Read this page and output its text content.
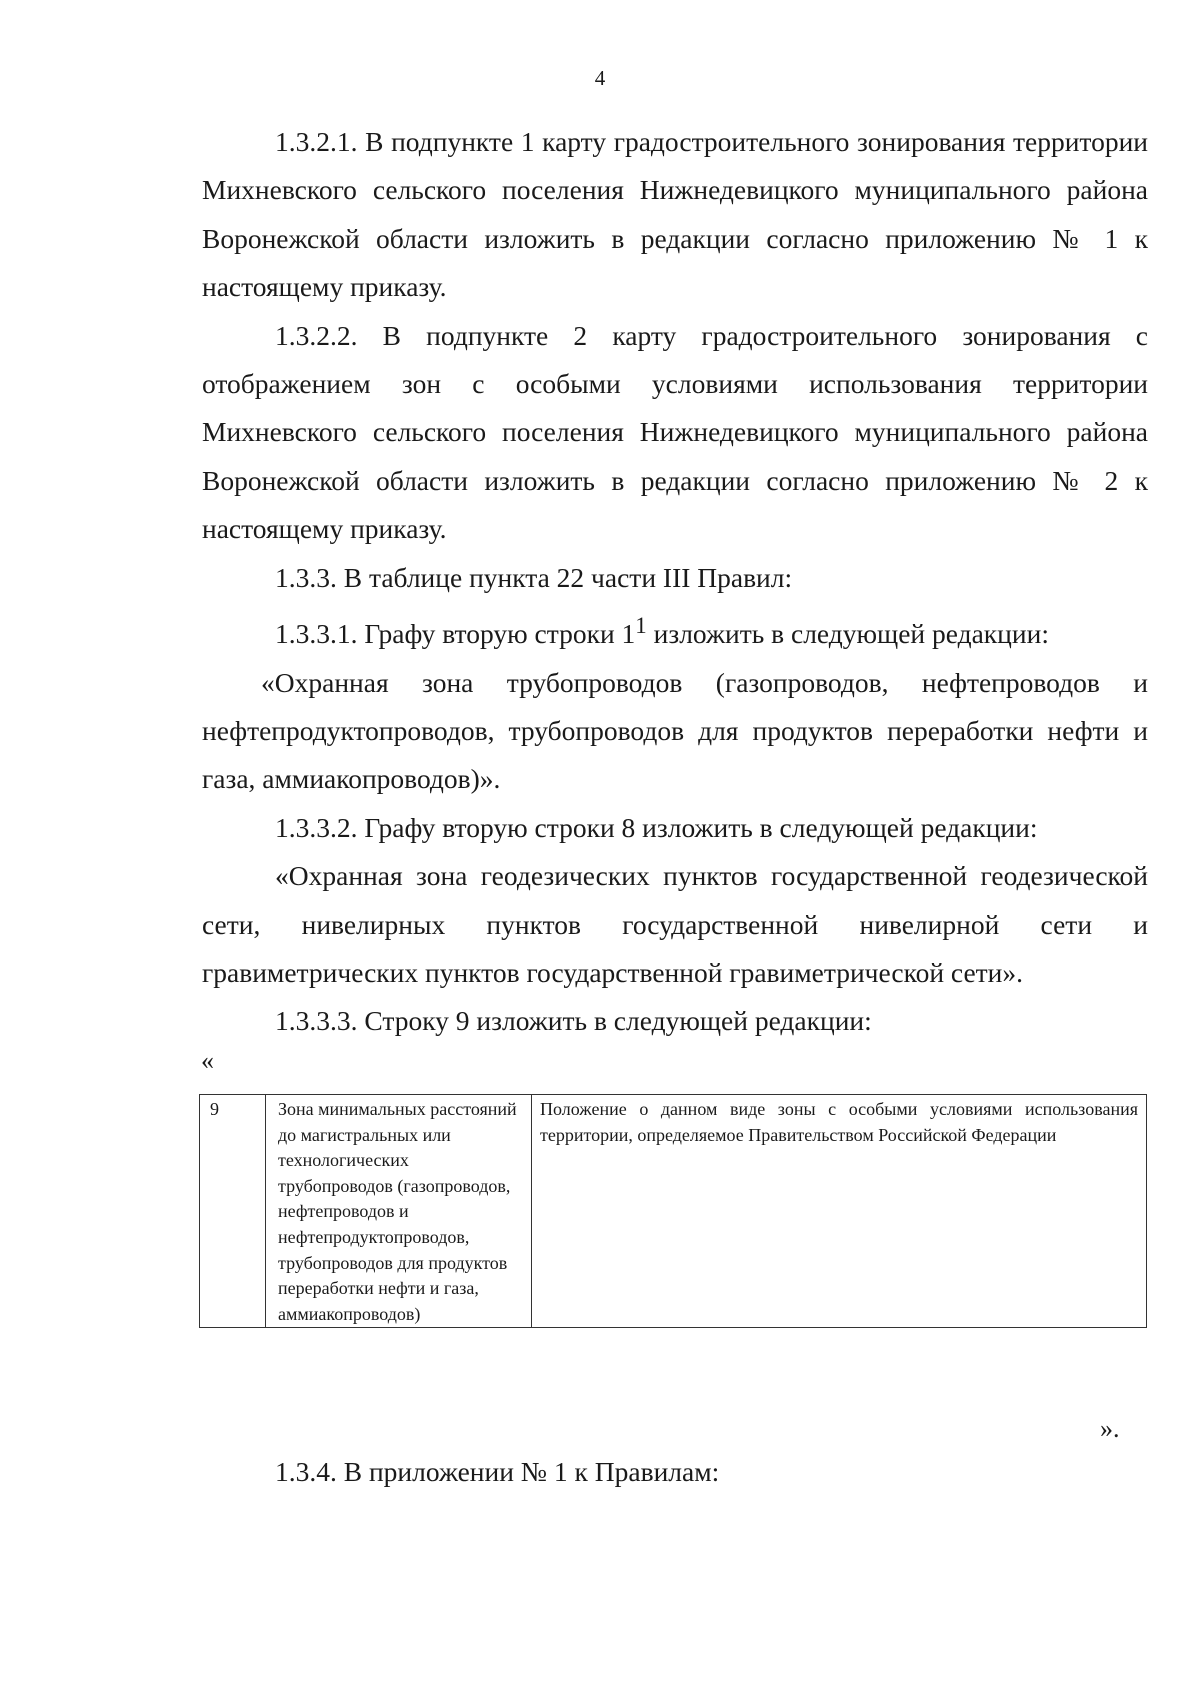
4

1.3.2.1. В подпункте 1 карту градостроительного зонирования территории Михневского сельского поселения Нижнедевицкого муниципального района Воронежской области изложить в редакции согласно приложению № 1 к настоящему приказу.

1.3.2.2. В подпункте 2 карту градостроительного зонирования с отображением зон с особыми условиями использования территории Михневского сельского поселения Нижнедевицкого муниципального района Воронежской области изложить в редакции согласно приложению № 2 к настоящему приказу.

1.3.3. В таблице пункта 22 части III Правил:

1.3.3.1. Графу вторую строки $1^1$ изложить в следующей редакции:

«Охранная зона трубопроводов (газопроводов, нефтепроводов и нефтепродуктопроводов, трубопроводов для продуктов переработки нефти и газа, аммиакопроводов)».

1.3.3.2. Графу вторую строки 8 изложить в следующей редакции:

«Охранная зона геодезических пунктов государственной геодезической сети, нивелирных пунктов государственной нивелирной сети и гравиметрических пунктов государственной гравиметрической сети».

1.3.3.3. Строку 9 изложить в следующей редакции:

«
9	Зона минимальных расстояний до магистральных или технологических трубопроводов (газопроводов, нефтепроводов и нефтепродуктопроводов, трубопроводов для продуктов переработки нефти и газа, аммиакопроводов)	Положение о данном виде зоны с особыми условиями использования территории, определяемое Правительством Российской Федерации
».

1.3.4. В приложении № 1 к Правилам:
